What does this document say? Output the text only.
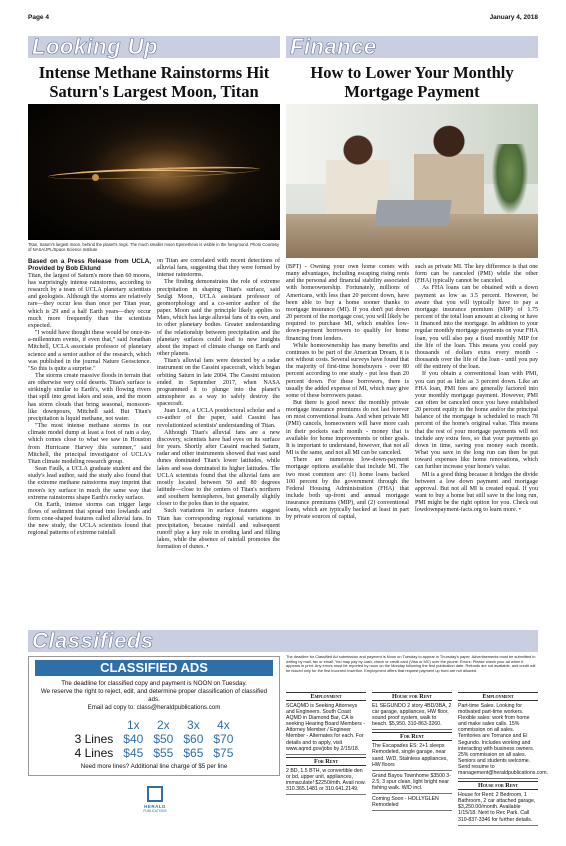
Page 4	January 4, 2018
Looking Up	Finance
Intense Methane Rainstorms Hit Saturn's Largest Moon, Titan
How to Lower Your Monthly Mortgage Payment
Titan, Saturn's largest moon, behind the planet's rings. The much smaller moon Epimetheus is visible in the foreground. Photo Courtesy of NASA/JPL/Space Science Institute
Based on a Press Release from UCLA, Provided by Bob Eklund

Titan, the largest of Saturn's more than 60 moons, has surprisingly intense rainstorms, according to research by a team of UCLA planetary scientists and geologists. Although the storms are relatively rare—they occur less than once per Titan year, which is 29 and a half Earth years—they occur much more frequently than the scientists expected.

"I would have thought these would be once-in-a-millennium events, if even that," said Jonathan Mitchell, UCLA associate professor of planetary science and a senior author of the research, which was published in the journal Nature Geoscience. "So this is quite a surprise."

The storms create massive floods in terrain that are otherwise very cold deserts. Titan's surface is strikingly similar to Earth's, with flowing rivers that spill into great lakes and seas, and the moon has storm clouds that bring seasonal, monsoon-like downpours, Mitchell said. But Titan's precipitation is liquid methane, not water.

"The most intense methane storms in our climate model dump at least a foot of rain a day, which comes close to what we saw in Houston from Hurricane Harvey this summer," said Mitchell, the principal investigator of UCLA's Titan climate modeling research group.

Sean Faulk, a UCLA graduate student and the study's lead author, said the study also found that the extreme methane rainstorms may imprint that moon's icy surface in much the same way that extreme rainstorms shape Earth's rocky surface.

On Earth, intense storms can trigger large flows of sediment that spread into lowlands and form cone-shaped features called alluvial fans. In the new study, the UCLA scientists found that regional patterns of extreme rainfall

on Titan are correlated with recent detections of alluvial fans, suggesting that they were formed by intense rainstorms.

The finding demonstrates the role of extreme precipitation in shaping Titan's surface, said Seulgi Moon, UCLA assistant professor of geomorphology and a co-senior author of the paper. Moon said the principle likely applies to Mars, which has large alluvial fans of its own, and to other planetary bodies. Greater understanding of the relationship between precipitation and the planetary surfaces could lead to new insights about the impact of climate change on Earth and other planets.

Titan's alluvial fans were detected by a radar instrument on the Cassini spacecraft, which began orbiting Saturn in late 2004. The Cassini mission ended in September 2017, when NASA programmed it to plunge into the planet's atmosphere as a way to safely destroy the spacecraft.

Juan Lora, a UCLA postdoctoral scholar and a co-author of the paper, said Cassini has revolutionized scientists' understanding of Titan.

Although Titan's alluvial fans are a new discovery, scientists have had eyes on its surface for years. Shortly after Cassini reached Saturn, radar and other instruments showed that vast sand dunes dominated Titan's lower latitudes, while lakes and seas dominated its higher latitudes. The UCLA scientists found that the alluvial fans are mostly located between 50 and 80 degrees latitude—close to the centers of Titan's northern and southern hemispheres, but generally slightly closer to the poles than to the equator.

Such variations in surface features suggest Titan has corresponding regional variations in precipitation, because rainfall and subsequent runoff play a key role in eroding land and filling lakes, while the absence of rainfall promotes the formation of dunes. •

(BPT) - Owning your own home comes with many advantages, including escaping rising rents and the personal and financial stability associated with homeownership. Fortunately, millions of Americans, with less than 20 percent down, have been able to buy a home sooner thanks to mortgage insurance (MI). If you don't put down 20 percent of the mortgage cost, you will likely be required to purchase MI, which enables low-down-payment borrowers to qualify for home financing from lenders.

While homeownership has many benefits and continues to be part of the American Dream, it is not without costs. Several surveys have found that the majority of first-time homebuyers - over 80 percent according to one study - put less than 20 percent down. For these borrowers, there is usually the added expense of MI, which may give some of these borrowers pause.

But there is good news: the monthly private mortgage insurance premiums do not last forever on most conventional loans. And when private MI (PMI) cancels, homeowners will have more cash in their pockets each month - money that is available for home improvements or other goals. It is important to understand, however, that not all MI is the same, and not all MI can be canceled.

There are numerous low-down-payment mortgage options available that include MI. The two most common are: (1) home loans backed 100 percent by the government through the Federal Housing Administration (FHA) that include both up-front and annual mortgage insurance premiums (MIP), and (2) conventional loans, which are typically backed at least in part by private sources of capital,

such as private MI. The key difference is that one form can be canceled (PMI) while the other (FHA) typically cannot be canceled.

As FHA loans can be obtained with a down payment as low as 3.5 percent. However, be aware that you will typically have to pay a mortgage insurance premium (MIP) of 1.75 percent of the total loan amount at closing or have it financed into the mortgage. In addition to your regular monthly mortgage payments on your FHA loan, you will also pay a fixed monthly MIP for the life of the loan. This means you could pay thousands of dollars extra every month - thousands over the life of the loan - until you pay off the entirety of the loan.

If you obtain a conventional loan with PMI, you can put as little as 3 percent down. Like an FHA loan, PMI fees are generally factored into your monthly mortgage payment. However, PMI can often be canceled once you have established 20 percent equity in the home and/or the principal balance of the mortgage is scheduled to reach 78 percent of the home's original value. This means that the rest of your mortgage payments will not include any extra fees, so that your payments go down in time, saving you money each month. What you save in the long run can then be put toward expenses like home renovations, which can further increase your home's value.

MI is a good thing because it bridges the divide between a low down payment and mortgage approval. But not all MI is created equal. If you want to buy a home but still save in the long run, PMI might be the right option for you. Check out lowdownpayment-facts.org to learn more. •

Classifieds
The deadline for Classified Ad submission and payment is Noon on Tuesday to appear in Thursday's paper. Advertisements must be submitted in writing by mail, fax or email. You may pay by cash, check or credit card (Visa or MC) over the phone. Errors: Please check your ad when it appears in print. Any errors must be reported by noon on the Monday following the first publication date. Refunds are not available, and credit will be issued only for the first incorrect insertion. Employment offers that request payment up front are not allowed.
CLASSIFIED ADS
The deadline for classified copy and payment is NOON on Tuesday.
We reserve the right to reject, edit, and determine proper classification of classified ads.
Email ad copy to: class@heraldpublications.com
	1x	2x	3x	4x
3 Lines	$40	$50	$60	$70
4 Lines	$45	$55	$65	$75
Need more lines? Additional line charge of $5 per line
HERALD
PUBLICATIONS
Employment
SCAQMD is Seeking Attorneys and Engineers. South Coast AQMD in Diamond Bar, CA is seeking Hearing Board Members - Attorney Member / Engineer Member - Alternates for each. For details and to apply, visit www.aqmd.gov/jobs by 2/15/18.
For Rent
2 BD, 1.5 BTH, w convertible den or bd, upper unit, appliances, immaculate! $2250/mth. Avail now. 310.365.1481 or 310.641.2149.
House for Rent
EL SEGUNDO 2 story 4BD/3BA, 2 car garage, appliances, HW floor, sound proof system, walk to beach. $5,950. 310-863-3260.
For Rent
The Escapades ES: 2+1 sleeps Remodeled, single garage, near sand. W/D, Stainless appliances, HW floors
Grand Bayou Townhome $3500 3-2.5, 3 spur clean, light bright near fishing walk. W/D incl.
Coming Soon - HOLLYGLEN Remodeled
Employment
Part-time Sales. Looking for motivated part-time workers. Flexible sales: work from home and make sales calls. 15% commission on all sales. Territories are Torrance and El Segundo. Includes working and interacting with business owners. 25% commission on all sales. Seniors and students welcome. Send resume to management@heraldpublications.com.
House for Rent
House for Rent: 2 Bedroom, 1 Bathroom, 2 car attached garage, $3,250.00/month. Available 1/15/18. Next to Rec Park. Call 310-837-3346 for further details.
